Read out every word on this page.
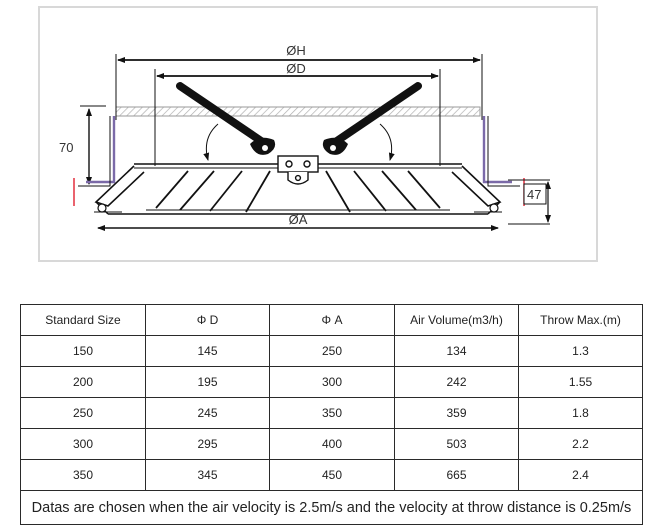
ØH
ØD
70
47
ØA
Standard Size	Φ D	Φ A	Air Volume(m3/h)	Throw Max.(m)
150	145	250	134	1.3
200	195	300	242	1.55
250	245	350	359	1.8
300	295	400	503	2.2
350	345	450	665	2.4
Datas are chosen when the air velocity is 2.5m/s and the velocity at throw distance is 0.25m/s				
